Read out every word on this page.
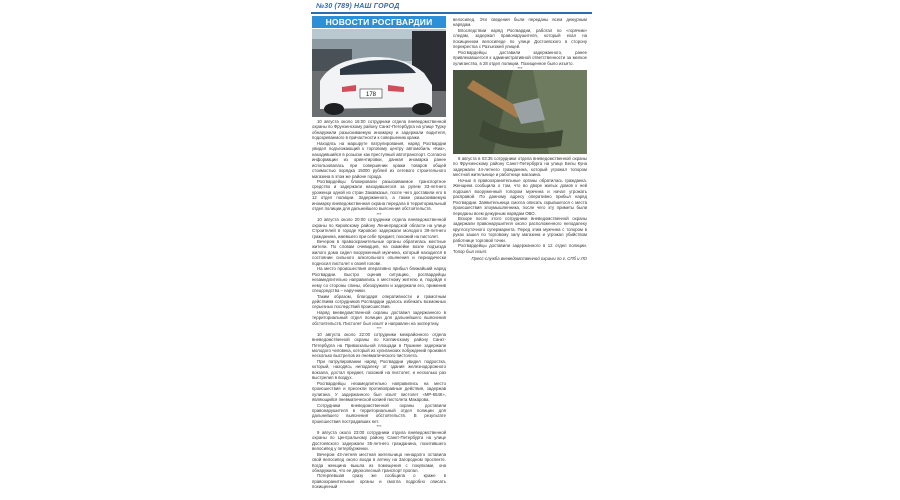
№30 (789) НАШ ГОРОД
НОВОСТИ РОСГВАРДИИ
178

10 августа около 16:00 сотрудники отдела вневедомственной охраны по Фрунзенскому району Санкт-Петербурга на улице Турку обнаружили разыскиваемую иномарку и задержали водителя, подозреваемого в причастности к совершению кражи.

Находясь на маршруте патрулирования, наряд Росгвардии увидел подъезжающий к торговому центру автомобиль «Киа», находившийся в розыске как преступный автотранспорт. Согласно информации из ориентировки, данная иномарка ранее использовалась при совершении кражи товаров общей стоимостью порядка 15000 рублей из сетевого строительного магазина в этом же районе города.

Росгвардейцы блокировали разыскиваемое транспортное средство и задержали находившегося за рулем 33-летнего уроженца одной из стран Закавказья, после чего доставили его в 12 отдел полиции. Задержанного, а также разыскиваемую иномарку вневедомственная охрана передала в территориальный отдел полиции для дальнейшего выяснения обстоятельств.

***

10 августа около 20:00 сотрудники отдела вневедомственной охраны по Кировскому району Ленинградской области на улице Строителей в городе Кировске задержали молодого 39-летнего гражданина, имевшего при себе предмет, похожий на пистолет.

Вечером в правоохранительные органы обратилась местные жители. По словам очевидцев, на скамейке возле подъезда жилого дома сидел вооруженный мужчина, который находился в состоянии сильного алкогольного опьянения и периодически подносил пистолет к своей голове.

На место происшествия оперативно прибыл ближайший наряд Росгвардии. Быстро оценив ситуацию, росгвардейцы незамедлительно направились к местному жителю и, подойдя к нему со стороны спины, обезоружили и задержали его, применив спецсредства – наручники.

Таким образом, благодаря оперативности и грамотным действиям сотрудников Росгвардии удалось избежать возможных серьезных последствий происшествия.

Наряд вневедомственной охраны доставил задержанного в территориальный отдел полиции для дальнейшего выяснения обстоятельств. Пистолет был изъят и направлен на экспертизу.

***

10 августа около 22:00 сотрудники межрайонного отдела вневедомственной охраны по Колпинскому району Санкт-Петербурга на Привокзальной площади в Пушкине задержали молодого человека, который из хулиганских побуждений произвел несколько выстрелов из пневматического пистолета.

При патрулировании наряд Росгвардии увидел подростка, который, находясь неподалеку от здания железнодорожного вокзала, достал предмет, похожий на пистолет, и несколько раз выстрелил в воздух.

Росгвардейцы незамедлительно направились на место происшествия и пресекли противоправные действия, задержав хулигана. У задержанного был изъят пистолет «МР-654К», являющийся пневматической копией пистолета Макарова.

Сотрудники вневедомственной охраны доставили правонарушителя в территориальный отдел полиции для дальнейшего выяснения обстоятельств. В результате происшествия пострадавших нет.

***

9 августа около 23:00 сотрудники отдела вневедомственной охраны по Центральному району Санкт-Петербурга на улице Достоевского задержали 35-летнего гражданина, похитившего велосипед у петербурженки.

Вечером 43-летняя местная жительница ненадолго оставила свой велосипед около входа в аптеку на Загородном проспекте. Когда женщина вышла из помещения с покупками, она обнаружила, что ее двухколесный транспорт пропал.

Потерпевшая сразу же сообщила о краже в правоохранительные органы и смогла подробно описать похищенный

велосипед. Эти сведения были переданы всем дежурным нарядам.

Впоследствии наряд Росгвардии, работал по «горячим» следам, задержал правонарушителя, который ехал на похищенном велосипеде по улице Достоевского в сторону перекрестка с Разъезжей улицей.

Росгвардейцы доставили задержанного, ранее привлекавшегося к административной ответственности за мелкое хулиганство, в 28 отдел полиции. Похищенное было изъято.

***

8 августа в 03:35 сотрудники отдела вневедомственной охраны по Фрунзенскому району Санкт-Петербурга на улице Белы Куна задержали 44-летнего гражданина, который угрожал топором местной жительнице и работнице магазина.

Ночью в правоохранительные органы обратилась гражданка. Женщина сообщила о том, что во дворе жилых домов к ней подошел вооруженный топором мужчина и начал угрожать расправой. По данному адресу оперативно прибыл наряд Росгвардии. Заявительница смогла описать скрывшегося с места происшествия злоумышленника, после чего эту приметы были переданы всем дежурным нарядам ОВО.

Вскоре после этого сотрудники вневедомственной охраны задержали правонарушителя около расположенного неподалеку круглосуточного супермаркета. Перед этим мужчина с топором в руках зашел по торговому залу магазина и угрожал убийством работнице торговой точки.

Росгвардейцы доставили задержанного в 12 отдел полиции. Топор был изъят.

Пресс-служба вневедомственной охраны по г. СПб и ЛО
